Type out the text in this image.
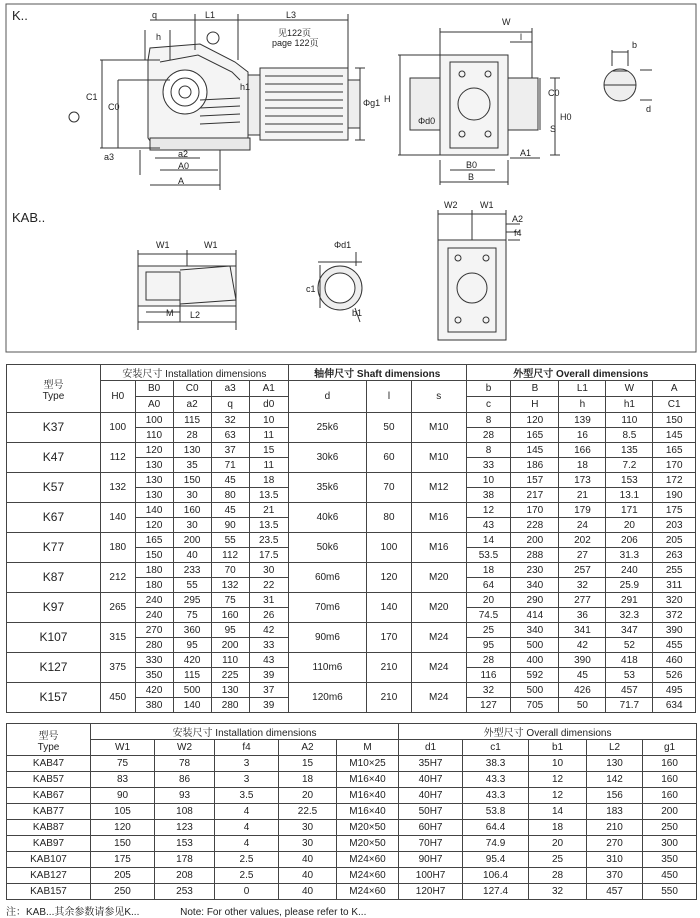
K..
KAB..
q
h
L1	L3
见122页
page 122页
h1
C1
C0	Φg1
a3	a2
A0
A
W
l
H
Φd0
S
H0
C0
B0
B
A1
b
d
W1	W1
M L2
Φd1
c1
b1
W2	W1
A2
f4
型号
Type	安装尺寸 Installation dimensions					轴伸尺寸 Shaft dimensions			外型尺寸 Overall dimensions				
	H0	B0	C0	a3	A1	d	l	s	b	B	L1	W	A
		A0	a2	q	d0				c	H	h	h1	C1
K37	100	100	115	32	10	25k6	50	M10	8	120	139	110	150
		110	28	63	11				28	165	16	8.5	145
K47	112	120	130	37	15	30k6	60	M10	8	145	166	135	165
		130	35	71	11				33	186	18	7.2	170
K57	132	130	150	45	18	35k6	70	M12	10	157	173	153	172
		130	30	80	13.5				38	217	21	13.1	190
K67	140	140	160	45	21	40k6	80	M16	12	170	179	171	175
		120	30	90	13.5				43	228	24	20	203
K77	180	165	200	55	23.5	50k6	100	M16	14	200	202	206	205
		150	40	112	17.5				53.5	288	27	31.3	263
K87	212	180	233	70	30	60m6	120	M20	18	230	257	240	255
		180	55	132	22				64	340	32	25.9	311
K97	265	240	295	75	31	70m6	140	M20	20	290	277	291	320
		240	75	160	26				74.5	414	36	32.3	372
K107	315	270	360	95	42	90m6	170	M24	25	340	341	347	390
		280	95	200	33				95	500	42	52	455
K127	375	330	420	110	43	110m6	210	M24	28	400	390	418	460
		350	115	225	39				116	592	45	53	526
K157	450	420	500	130	37	120m6	210	M24	32	500	426	457	495
		380	140	280	39				127	705	50	71.7	634
型号
Type	安装尺寸 Installation dimensions					外型尺寸 Overall dimensions				
	W1	W2	f4	A2	M	d1	c1	b1	L2	g1
KAB47	75	78	3	15	M10×25	35H7	38.3	10	130	160
KAB57	83	86	3	18	M16×40	40H7	43.3	12	142	160
KAB67	90	93	3.5	20	M16×40	40H7	43.3	12	156	160
KAB77	105	108	4	22.5	M16×40	50H7	53.8	14	183	200
KAB87	120	123	4	30	M20×50	60H7	64.4	18	210	250
KAB97	150	153	4	30	M20×50	70H7	74.9	20	270	300
KAB107	175	178	2.5	40	M24×60	90H7	95.4	25	310	350
KAB127	205	208	2.5	40	M24×60	100H7	106.4	28	370	450
KAB157	250	253	0	40	M24×60	120H7	127.4	32	457	550
注：KAB...其余参数请参见K...	Note: For other values, please refer to K...
